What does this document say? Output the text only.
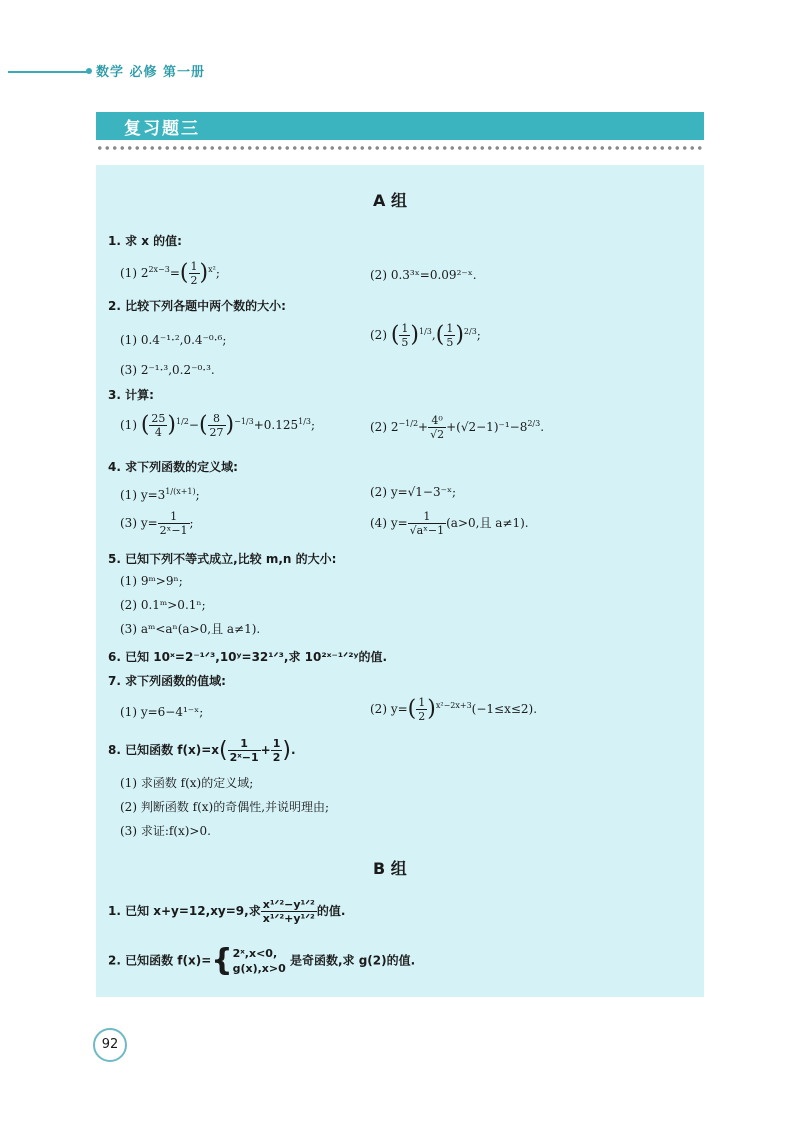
数学 必修 第一册
复习题三
A 组
1. 求 x 的值:
(1) $2^{2x-3}=( \frac{1}{2} )^{x^2}$;	(2) 0.3³ˣ=0.09²⁻ˣ.
2. 比较下列各题中两个数的大小:
(1) 0.4⁻¹·²,0.4⁻⁰·⁶;	(2) ( $\frac{1}{5} )^{1/3},( \frac{1}{5} )^{2/3}$;
(3) 2⁻¹·³,0.2⁻⁰·³.
3. 计算:
(1) ( $\frac{25}{4} )^{1/2}-( \frac{8}{27} )^{-1/3}+0.125^{1/3}$;	(2) $2^{-1/2}+ \frac{\text{4⁰}}{√2} +(√2-1)^{-1}-8^{2/3}$.
4. 求下列函数的定义域:
(1) $y=3^{1/(x+1)}$;	(2) y=√1−3⁻ˣ;
(3) $y= \frac{1}{\text{2ˣ−1}}$ ;	(4) $y= \frac{1}{\text{√aˣ−1}} (a>0$,且 a≠1).
5. 已知下列不等式成立,比较 m,n 的大小:
(1) 9ᵐ>9ⁿ;
(2) 0.1ᵐ>0.1ⁿ;
(3) aᵐ<aⁿ(a>0,且 a≠1).
6. 已知 10ˣ=2⁻¹ᐟ³,10ʸ=32¹ᐟ³,求 10²ˣ⁻¹ᐟ²ʸ的值.
7. 求下列函数的值域:
(1) y=6−4¹⁻ˣ;	(2) $y=( \frac{1}{2} )^{x^2-2x+3}(-1\le x\le 2)$.
8. 已知函数 $f(x)=x( \frac{1}{\text{2ˣ−1}} + \frac{1}{2}$ ).
(1) 求函数 f(x)的定义域;
(2) 判断函数 f(x)的奇偶性,并说明理由;
(3) 求证:f(x)>0.
B 组
1. 已知 x+y=12,xy=9,求 $\frac{\text{x¹ᐟ²−y¹ᐟ²}}{\text{x¹ᐟ²+y¹ᐟ²}}$ 的值.
2. 已知函数 f(x)={2ˣ,x<0,
g(x),x>0 是奇函数,求 g(2)的值.
92
